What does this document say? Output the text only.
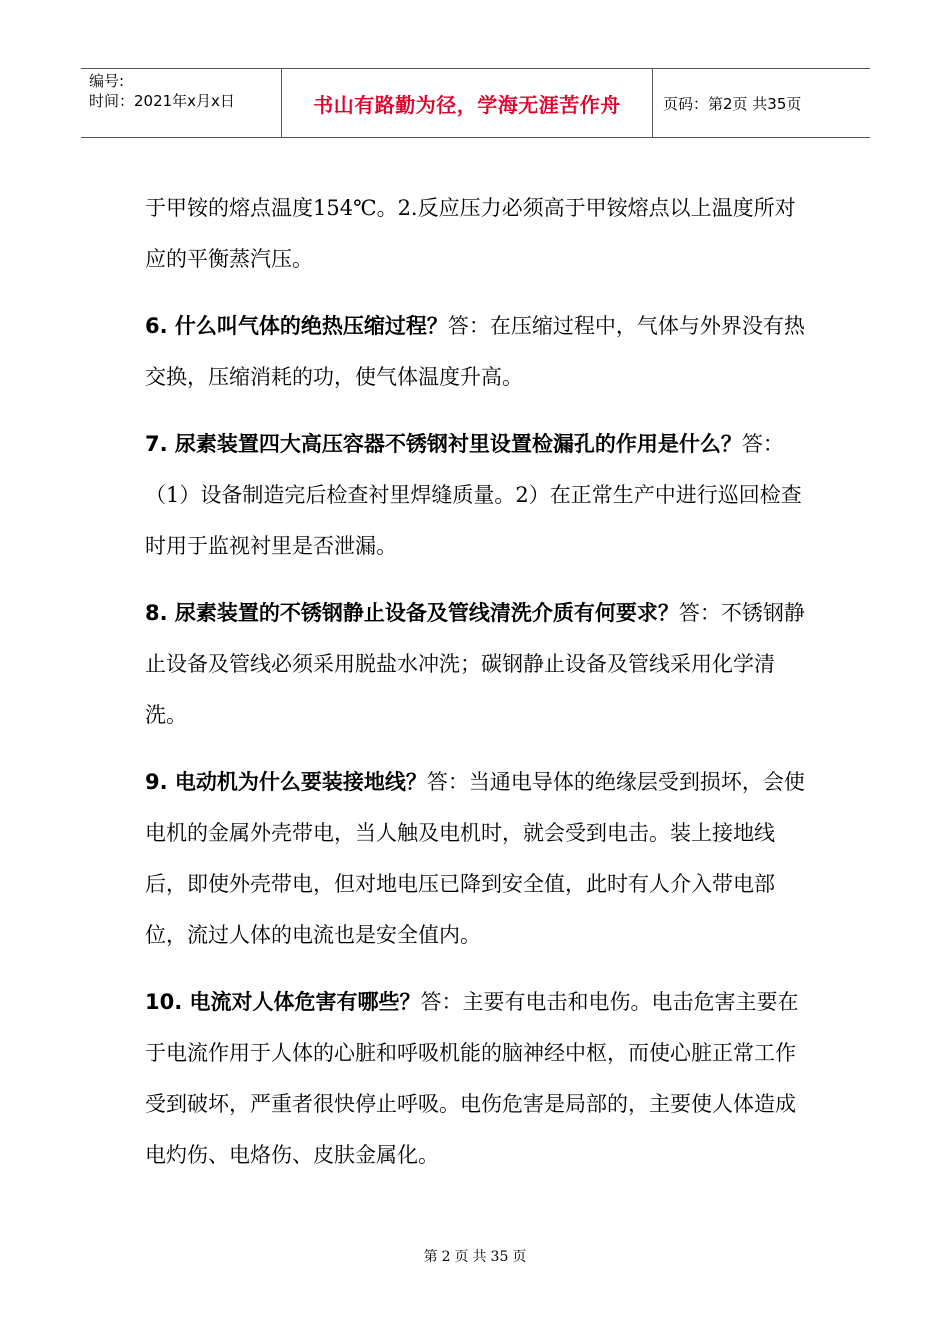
编号:
时间：2021年x月x日	书山有路勤为径，学海无涯苦作舟	页码：第2页 共35页

于甲铵的熔点温度154℃。2.反应压力必须高于甲铵熔点以上温度所对应的平衡蒸汽压。

6. 什么叫气体的绝热压缩过程？答：在压缩过程中，气体与外界没有热交换，压缩消耗的功，使气体温度升高。

7. 尿素装置四大高压容器不锈钢衬里设置检漏孔的作用是什么？答：（1）设备制造完后检查衬里焊缝质量。2）在正常生产中进行巡回检查时用于监视衬里是否泄漏。

8. 尿素装置的不锈钢静止设备及管线清洗介质有何要求？答：不锈钢静止设备及管线必须采用脱盐水冲洗；碳钢静止设备及管线采用化学清洗。

9. 电动机为什么要装接地线？答：当通电导体的绝缘层受到损坏，会使电机的金属外壳带电，当人触及电机时，就会受到电击。装上接地线后，即使外壳带电，但对地电压已降到安全值，此时有人介入带电部位，流过人体的电流也是安全值内。

10. 电流对人体危害有哪些？答：主要有电击和电伤。电击危害主要在于电流作用于人体的心脏和呼吸机能的脑神经中枢，而使心脏正常工作受到破坏，严重者很快停止呼吸。电伤危害是局部的，主要使人体造成电灼伤、电烙伤、皮肤金属化。

第 2 页 共 35 页
